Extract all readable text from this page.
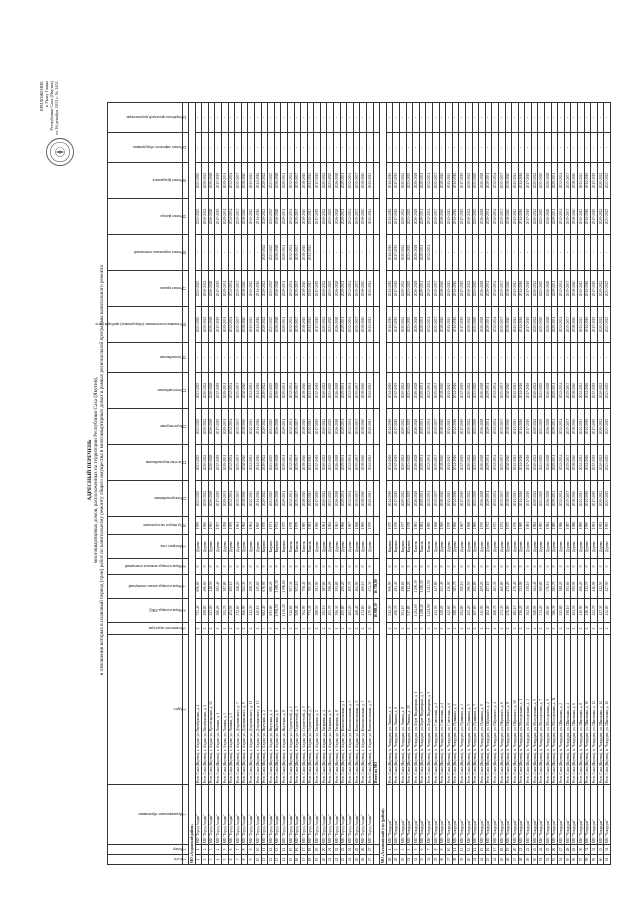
ПРИЛОЖЕНИЕ к Указу Главы Республики Саха (Якутия) от 26 декабря 2013 г. № 2451
АДРЕСНЫЙ ПЕРЕЧЕНЬ многоквартирных домов, расположенных на территории Республики Саха (Якутия), в отношении которых в плановый период (срок) работ по капитальному ремонту общего имущества в многоквартирных домах в рамках региональной программы капитального ремонта
№ п/п	Номер	Муниципальное образование	Адрес	Количество подъездов	Общая площадь МКД	Общая площадь жилых помещений	Общая площадь нежилых помещений	Материал стен	Год ввода в эксплуатацию	Электроснабжение	Система водоснабжения	Водоотведение	Теплоснабжение	Газоснабжение	Установка коллективных (общедомовых) приборов учета	Ремонт крыши	Ремонт подвальных помещений	Ремонт фасада	Ремонт фундамента	Ремонт лифтового оборудования	Разработка проектной документации
1	2	3	4	5	6	7	8	9	10	11	12	13	14	15	16	17	18	19	20	21	22
МО «Алданский район»																					
1	1	МО "Город Алдан"	Респ. Саха (Якутия), г. Алдан, ул. Октябрьская, д. 4	2	733,40	656,60	0	Дерево	1959	2023-2025	2023-2025	2023-2025	2023-2025	-	2023-2025	2023-2025	-	2023-2025	2023-2025	-	-
2	2	МО "Город Алдан"	Респ. Саха (Якутия), г. Алдан, ул. Октябрьская, д. 2	2	498,80	496,60	0	Дерево	1960	2020-2022	2020-2022	2020-2022	2020-2022	-	2020-2022	2020-2022	-	2020-2022	2020-2022	-	-
3	3	МО "Город Алдан"	Респ. Саха (Якутия), г. Алдан, ул. Пролетарская, д. 12	2	423,00	418,50	0	Дерево	1963	2026-2028	2026-2028	2026-2028	2026-2028	-	2026-2028	2026-2028	-	2026-2028	2026-2028	-	-
4	4	МО "Город Алдан"	Респ. Саха (Якутия), г. Алдан, ул. Ленина, д. 1	2	386,20	381,40	0	Дерево	1957	2017-2019	2017-2019	2017-2019	2017-2019	-	2017-2019	2017-2019	-	2017-2019	2017-2019	-	-
5	5	МО "Город Алдан"	Респ. Саха (Якутия), г. Алдан, ул. Ленина, д. 3	2	391,70	387,80	0	Дерево	1958	2029-2031	2029-2031	2029-2031	2029-2031	-	2029-2031	2029-2031	-	2029-2031	2029-2031	-	-
6	6	МО "Город Алдан"	Респ. Саха (Якутия), г. Алдан, ул. Ленина, д. 5	2	404,50	400,10	0	Дерево	1959	2032-2034	2032-2034	2032-2034	2032-2034	-	2032-2034	2032-2034	-	2032-2034	2032-2034	-	-
7	7	МО "Город Алдан"	Респ. Саха (Якутия), г. Алдан, ул. Дзержинского, д. 7	2	372,60	368,20	0	Дерево	1961	2035-2037	2035-2037	2035-2037	2035-2037	-	2035-2037	2035-2037	-	2035-2037	2035-2037	-	-
8	8	МО "Город Алдан"	Респ. Саха (Якутия), г. Алдан, ул. Дзержинского, д. 9	2	366,90	362,30	0	Дерево	1962	2038-2040	2038-2040	2038-2040	2038-2040	-	2038-2040	2038-2040	-	2038-2040	2038-2040	-	-
9	9	МО "Город Алдан"	Респ. Саха (Якутия), г. Алдан, ул. Дзержинского, д. 11	2	412,30	408,70	0	Дерево	1964	2041-2043	2041-2043	2041-2043	2041-2043	-	2041-2043	2041-2043	-	2041-2043	2041-2043	-	-
10	10	МО "Город Алдан"	Респ. Саха (Якутия), г. Алдан, ул. Дзержинского, д. 13	2	420,10	415,60	0	Дерево	1965	2014-2016	2014-2016	2014-2016	2014-2016	-	2014-2016	2014-2016	-	2014-2016	2014-2016	-	-
11	11	МО "Город Алдан"	Респ. Саха (Якутия), г. Алдан, ул. Якутская, д. 2	3	682,40	676,90	0	Кирпич	1970	2020-2022	2020-2022	2020-2022	2020-2022	-	2020-2022	2020-2022	2020-2022	2020-2022	2020-2022	-	-
12	12	МО "Город Алдан"	Респ. Саха (Якутия), г. Алдан, ул. Якутская, д. 4	3	691,80	686,20	0	Кирпич	1971	2023-2025	2023-2025	2023-2025	2023-2025	-	2023-2025	2023-2025	2023-2025	2023-2025	2023-2025	-	-
13	13	МО "Город Алдан"	Респ. Саха (Якутия), г. Алдан, ул. Якутская, д. 6	4	1 092,50	1 085,30	0	Кирпич	1974	2026-2028	2026-2028	2026-2028	2026-2028	-	2026-2028	2026-2028	2026-2028	2026-2028	2026-2028	-	-
14	14	МО "Город Алдан"	Респ. Саха (Якутия), г. Алдан, ул. Якутская, д. 8	4	1 103,20	1 096,80	0	Кирпич	1975	2029-2031	2029-2031	2029-2031	2029-2031	-	2029-2031	2029-2031	2029-2031	2029-2031	2029-2031	-	-
15	15	МО "Город Алдан"	Респ. Саха (Якутия), г. Алдан, ул. Строителей, д. 1	2	512,60	507,30	0	Панель	1978	2032-2034	2032-2034	2032-2034	2032-2034	-	2032-2034	2032-2034	2032-2034	2032-2034	2032-2034	-	-
16	16	МО "Город Алдан"	Респ. Саха (Якутия), г. Алдан, ул. Строителей, д. 3	2	508,40	503,10	0	Панель	1979	2035-2037	2035-2037	2035-2037	2035-2037	-	2035-2037	2035-2037	2035-2037	2035-2037	2035-2037	-	-
17	17	МО "Город Алдан"	Респ. Саха (Якутия), г. Алдан, ул. Строителей, д. 5	3	764,90	758,40	0	Панель	1980	2038-2040	2038-2040	2038-2040	2038-2040	-	2038-2040	2038-2040	2038-2040	2038-2040	2038-2040	-	-
18	18	МО "Город Алдан"	Респ. Саха (Якутия), г. Алдан, ул. Строителей, д. 7	3	771,30	765,00	0	Панель	1981	2041-2043	2041-2043	2041-2043	2041-2043	-	2041-2043	2041-2043	2041-2043	2041-2043	2041-2043	-	-
19	19	МО "Город Алдан"	Респ. Саха (Якутия), г. Алдан, ул. Гагарина, д. 2	2	388,50	383,90	0	Дерево	1960	2017-2019	2017-2019	2017-2019	2017-2019	-	2017-2019	2017-2019	-	2017-2019	2017-2019	-	-
20	20	МО "Город Алдан"	Респ. Саха (Якутия), г. Алдан, ул. Гагарина, д. 4	2	392,10	387,60	0	Дерево	1961	2020-2022	2020-2022	2020-2022	2020-2022	-	2020-2022	2020-2022	-	2020-2022	2020-2022	-	-
21	21	МО "Город Алдан"	Респ. Саха (Якутия), г. Алдан, ул. Гагарина, д. 6	2	401,70	396,20	0	Дерево	1962	2023-2025	2023-2025	2023-2025	2023-2025	-	2023-2025	2023-2025	-	2023-2025	2023-2025	-	-
22	22	МО "Город Алдан"	Респ. Саха (Якутия), г. Алдан, ул. Гагарина, д. 8	2	396,30	391,80	0	Дерево	1963	2026-2028	2026-2028	2026-2028	2026-2028	-	2026-2028	2026-2028	-	2026-2028	2026-2028	-	-
23	23	МО "Город Алдан"	Респ. Саха (Якутия), г. Алдан, ул. Комсомольская, д. 1	2	455,80	450,20	0	Дерево	1966	2029-2031	2029-2031	2029-2031	2029-2031	-	2029-2031	2029-2031	-	2029-2031	2029-2031	-	-
24	24	МО "Город Алдан"	Респ. Саха (Якутия), г. Алдан, ул. Комсомольская, д. 3	2	461,20	455,70	0	Дерево	1967	2032-2034	2032-2034	2032-2034	2032-2034	-	2032-2034	2032-2034	-	2032-2034	2032-2034	-	-
25	25	МО "Город Алдан"	Респ. Саха (Якутия), г. Алдан, ул. Комсомольская, д. 5	2	468,40	462,90	0	Дерево	1968	2035-2037	2035-2037	2035-2037	2035-2037	-	2035-2037	2035-2037	-	2035-2037	2035-2037	-	-
26	26	МО "Город Алдан"	Респ. Саха (Якутия), г. Алдан, ул. Комсомольская, д. 7	2	474,60	469,10	0	Дерево	1969	2038-2040	2038-2040	2038-2040	2038-2040	-	2038-2040	2038-2040	-	2038-2040	2038-2040	-	-
27	27	МО "Город Алдан"	Респ. Саха (Якутия), г. Алдан, ул. Комсомольская, д. 9	2	479,90	474,30	0	Дерево	1970	2041-2043	2041-2043	2041-2043	2041-2043	-	2041-2043	2041-2043	-	2041-2043	2041-2043	-	-
			Итого по МО		16 908,10	16 758,80															
МО «Аллаиховский улус (район)»																					
28	1	МО "Чокурдах"	Респ. Саха (Якутия), п. Чокурдах, ул. Ленина, д. 4	2	512,30	506,90	0	Кирпич	1975	2014-2016	2014-2016	2014-2016	2014-2016	-	2014-2016	2014-2016	2014-2016	2014-2016	2014-2016	-	-
29	2	МО "Чокурдах"	Респ. Саха (Якутия), п. Чокурдах, ул. Ленина, д. 6	2	498,70	493,40	0	Кирпич	1976	2017-2019	2017-2019	2017-2019	2017-2019	-	2017-2019	2017-2019	2017-2019	2017-2019	2017-2019	-	-
30	3	МО "Чокурдах"	Респ. Саха (Якутия), п. Чокурдах, ул. Ленина, д. 8	2	504,10	498,60	0	Кирпич	1977	2020-2022	2020-2022	2020-2022	2020-2022	-	2020-2022	2020-2022	2020-2022	2020-2022	2020-2022	-	-
31	4	МО "Чокурдах"	Респ. Саха (Якутия), п. Чокурдах, ул. Ленина, д. 10	2	517,80	512,20	0	Кирпич	1978	2023-2025	2023-2025	2023-2025	2023-2025	-	2023-2025	2023-2025	2023-2025	2023-2025	2023-2025	-	-
32	5	МО "Чокурдах"	Респ. Саха (Якутия), п. Чокурдах, ул. Берег Индигирки, д. 1	3	1 214,60	1 206,30	0	Панель	1983	2026-2028	2026-2028	2026-2028	2026-2028	-	2026-2028	2026-2028	2026-2028	2026-2028	2026-2028	-	-
33	6	МО "Чокурдах"	Респ. Саха (Якутия), п. Чокурдах, ул. Берег Индигирки, д. 3	3	1 208,40	1 200,10	0	Панель	1984	2029-2031	2029-2031	2029-2031	2029-2031	-	2029-2031	2029-2031	2029-2031	2029-2031	2029-2031	-	-
34	7	МО "Чокурдах"	Респ. Саха (Якутия), п. Чокурдах, ул. Берег Индигирки, д. 5	3	1 221,90	1 213,50	0	Панель	1985	2032-2034	2032-2034	2032-2034	2032-2034	-	2032-2034	2032-2034	2032-2034	2032-2034	2032-2034	-	-
35	8	МО "Чокурдах"	Респ. Саха (Якутия), п. Чокурдах, ул. Советская, д. 2	2	432,50	427,80	0	Дерево	1968	2035-2037	2035-2037	2035-2037	2035-2037	-	2035-2037	2035-2037	-	2035-2037	2035-2037	-	-
36	9	МО "Чокурдах"	Респ. Саха (Якутия), п. Чокурдах, ул. Советская, д. 4	2	438,20	433,40	0	Дерево	1969	2038-2040	2038-2040	2038-2040	2038-2040	-	2038-2040	2038-2040	-	2038-2040	2038-2040	-	-
37	10	МО "Чокурдах"	Респ. Саха (Якутия), п. Чокурдах, ул. Советская, д. 6	2	441,60	436,90	0	Дерево	1970	2041-2043	2041-2043	2041-2043	2041-2043	-	2041-2043	2041-2043	-	2041-2043	2041-2043	-	-
38	11	МО "Чокурдах"	Респ. Саха (Якутия), п. Чокурдах, ул. Пушкина, д. 1	2	388,30	383,70	0	Дерево	1966	2014-2016	2014-2016	2014-2016	2014-2016	-	2014-2016	2014-2016	-	2014-2016	2014-2016	-	-
39	12	МО "Чокурдах"	Респ. Саха (Якутия), п. Чокурдах, ул. Пушкина, д. 3	2	394,80	390,10	0	Дерево	1967	2017-2019	2017-2019	2017-2019	2017-2019	-	2017-2019	2017-2019	-	2017-2019	2017-2019	-	-
40	13	МО "Чокурдах"	Респ. Саха (Якутия), п. Чокурдах, ул. Пушкина, д. 5	2	401,20	396,50	0	Дерево	1968	2020-2022	2020-2022	2020-2022	2020-2022	-	2020-2022	2020-2022	-	2020-2022	2020-2022	-	-
41	14	МО "Чокурдах"	Респ. Саха (Якутия), п. Чокурдах, ул. Пушкина, д. 7	2	407,60	402,80	0	Дерево	1969	2023-2025	2023-2025	2023-2025	2023-2025	-	2023-2025	2023-2025	-	2023-2025	2023-2025	-	-
42	15	МО "Чокурдах"	Респ. Саха (Якутия), п. Чокурдах, ул. Пушкина, д. 9	2	413,90	409,20	0	Дерево	1970	2026-2028	2026-2028	2026-2028	2026-2028	-	2026-2028	2026-2028	-	2026-2028	2026-2028	-	-
43	16	МО "Чокурдах"	Респ. Саха (Якутия), п. Чокурдах, ул. Ойунского, д. 2	2	462,40	457,10	0	Дерево	1972	2029-2031	2029-2031	2029-2031	2029-2031	-	2029-2031	2029-2031	-	2029-2031	2029-2031	-	-
44	17	МО "Чокурдах"	Респ. Саха (Якутия), п. Чокурдах, ул. Ойунского, д. 4	2	468,70	463,30	0	Дерево	1973	2032-2034	2032-2034	2032-2034	2032-2034	-	2032-2034	2032-2034	-	2032-2034	2032-2034	-	-
45	18	МО "Чокурдах"	Респ. Саха (Якутия), п. Чокурдах, ул. Ойунского, д. 6	2	471,30	465,80	0	Дерево	1974	2035-2037	2035-2037	2035-2037	2035-2037	-	2035-2037	2035-2037	-	2035-2037	2035-2037	-	-
46	19	МО "Чокурдах"	Респ. Саха (Якутия), п. Чокурдах, ул. Ойунского, д. 8	2	476,80	471,20	0	Дерево	1975	2038-2040	2038-2040	2038-2040	2038-2040	-	2038-2040	2038-2040	-	2038-2040	2038-2040	-	-
47	20	МО "Чокурдах"	Респ. Саха (Якутия), п. Чокурдах, ул. Ойунского, д. 10	2	482,10	476,40	0	Дерево	1976	2041-2043	2041-2043	2041-2043	2041-2043	-	2041-2043	2041-2043	-	2041-2043	2041-2043	-	-
48	21	МО "Чокурдах"	Респ. Саха (Якутия), п. Чокурдах, ул. Молодежная, д. 1	2	356,20	351,90	0	Дерево	1980	2014-2016	2014-2016	2014-2016	2014-2016	-	2014-2016	2014-2016	-	2014-2016	2014-2016	-	-
49	22	МО "Чокурдах"	Респ. Саха (Якутия), п. Чокурдах, ул. Молодежная, д. 3	2	362,50	358,10	0	Дерево	1981	2017-2019	2017-2019	2017-2019	2017-2019	-	2017-2019	2017-2019	-	2017-2019	2017-2019	-	-
50	23	МО "Чокурдах"	Респ. Саха (Якутия), п. Чокурдах, ул. Молодежная, д. 5	2	368,90	364,40	0	Дерево	1982	2020-2022	2020-2022	2020-2022	2020-2022	-	2020-2022	2020-2022	-	2020-2022	2020-2022	-	-
51	24	МО "Чокурдах"	Респ. Саха (Якутия), п. Чокурдах, ул. Молодежная, д. 7	2	374,20	369,80	0	Дерево	1983	2023-2025	2023-2025	2023-2025	2023-2025	-	2023-2025	2023-2025	-	2023-2025	2023-2025	-	-
52	25	МО "Чокурдах"	Респ. Саха (Якутия), п. Чокурдах, ул. Молодежная, д. 9	2	380,60	376,10	0	Дерево	1984	2026-2028	2026-2028	2026-2028	2026-2028	-	2026-2028	2026-2028	-	2026-2028	2026-2028	-	-
53	26	МО "Чокурдах"	Респ. Саха (Якутия), п. Чокурдах, ул. Молодежная, д. 11	2	386,30	381,70	0	Дерево	1985	2029-2031	2029-2031	2029-2031	2029-2031	-	2029-2031	2029-2031	-	2029-2031	2029-2031	-	-
54	27	МО "Чокурдах"	Респ. Саха (Якутия), п. Чокурдах, ул. Школьная, д. 2	2	392,80	388,20	0	Дерево	1986	2032-2034	2032-2034	2032-2034	2032-2034	-	2032-2034	2032-2034	-	2032-2034	2032-2034	-	-
55	28	МО "Чокурдах"	Респ. Саха (Якутия), п. Чокурдах, ул. Школьная, д. 4	2	398,10	393,60	0	Дерево	1987	2035-2037	2035-2037	2035-2037	2035-2037	-	2035-2037	2035-2037	-	2035-2037	2035-2037	-	-
56	29	МО "Чокурдах"	Респ. Саха (Якутия), п. Чокурдах, ул. Школьная, д. 6	2	404,50	399,90	0	Дерево	1988	2038-2040	2038-2040	2038-2040	2038-2040	-	2038-2040	2038-2040	-	2038-2040	2038-2040	-	-
57	30	МО "Чокурдах"	Респ. Саха (Якутия), п. Чокурдах, ул. Школьная, д. 8	2	410,90	406,20	0	Дерево	1989	2041-2043	2041-2043	2041-2043	2041-2043	-	2041-2043	2041-2043	-	2041-2043	2041-2043	-	-
58	31	МО "Чокурдах"	Респ. Саха (Якутия), п. Чокурдах, ул. Школьная, д. 10	2	416,40	411,70	0	Дерево	1990	2014-2016	2014-2016	2014-2016	2014-2016	-	2014-2016	2014-2016	-	2014-2016	2014-2016	-	-
59	32	МО "Чокурдах"	Респ. Саха (Якутия), п. Чокурдах, ул. Школьная, д. 12	2	421,70	416,90	0	Дерево	1991	2017-2019	2017-2019	2017-2019	2017-2019	-	2017-2019	2017-2019	-	2017-2019	2017-2019	-	-
60	33	МО "Чокурдах"	Респ. Саха (Якутия), п. Чокурдах, ул. Школьная, д. 14	2	427,30	422,50	0	Дерево	1992	2020-2022	2020-2022	2020-2022	2020-2022	-	2020-2022	2020-2022	-	2020-2022	2020-2022	-	-
61	34	МО "Чокурдах"	Респ. Саха (Якутия), п. Чокурдах, ул. Школьная, д. 16	2	432,80	427,90	0	Дерево	1993	2023-2025	2023-2025	2023-2025	2023-2025	-	2023-2025	2023-2025	-	2023-2025	2023-2025	-	-
